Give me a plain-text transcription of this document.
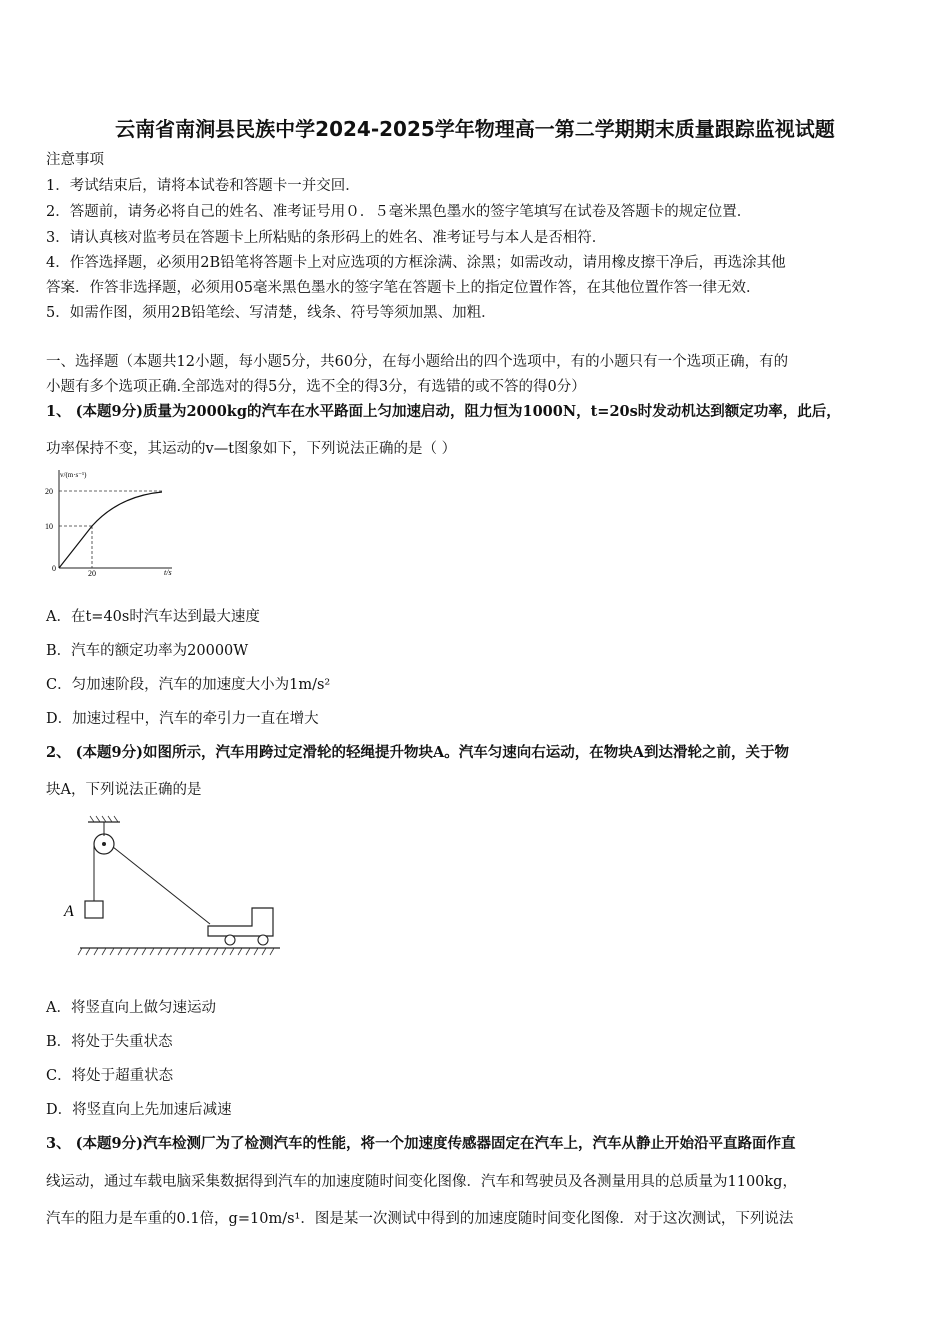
云南省南涧县民族中学2024-2025学年物理高一第二学期期末质量跟踪监视试题
注意事项
1．考试结束后，请将本试卷和答题卡一并交回．
2．答题前，请务必将自己的姓名、准考证号用０．５毫米黑色墨水的签字笔填写在试卷及答题卡的规定位置．
3．请认真核对监考员在答题卡上所粘贴的条形码上的姓名、准考证号与本人是否相符．
4．作答选择题，必须用2B铅笔将答题卡上对应选项的方框涂满、涂黑；如需改动，请用橡皮擦干净后，再选涂其他
答案．作答非选择题，必须用05毫米黑色墨水的签字笔在答题卡上的指定位置作答，在其他位置作答一律无效．
5．如需作图，须用2B铅笔绘、写清楚，线条、符号等须加黑、加粗．
一、选择题（本题共12小题，每小题5分，共60分，在每小题给出的四个选项中，有的小题只有一个选项正确，有的
小题有多个选项正确.全部选对的得5分，选不全的得3分，有选错的或不答的得0分）
1、 (本题9分)质量为2000kg的汽车在水平路面上匀加速启动，阻力恒为1000N，t=20s时发动机达到额定功率，此后，
功率保持不变，其运动的v—t图象如下，下列说法正确的是（ ）
v/(m·s⁻¹)
20
10
0
20	t/s
A．在t=40s时汽车达到最大速度
B．汽车的额定功率为20000W
C．匀加速阶段，汽车的加速度大小为1m/s²
D．加速过程中，汽车的牵引力一直在增大
2、 (本题9分)如图所示，汽车用跨过定滑轮的轻绳提升物块A。汽车匀速向右运动，在物块A到达滑轮之前，关于物
块A，下列说法正确的是
A
A．将竖直向上做匀速运动
B．将处于失重状态
C．将处于超重状态
D．将竖直向上先加速后减速
3、 (本题9分)汽车检测厂为了检测汽车的性能，将一个加速度传感器固定在汽车上，汽车从静止开始沿平直路面作直
线运动，通过车载电脑采集数据得到汽车的加速度随时间变化图像．汽车和驾驶员及各测量用具的总质量为1100kg，
汽车的阻力是车重的0.1倍，g=10m/s¹．图是某一次测试中得到的加速度随时间变化图像．对于这次测试，下列说法
